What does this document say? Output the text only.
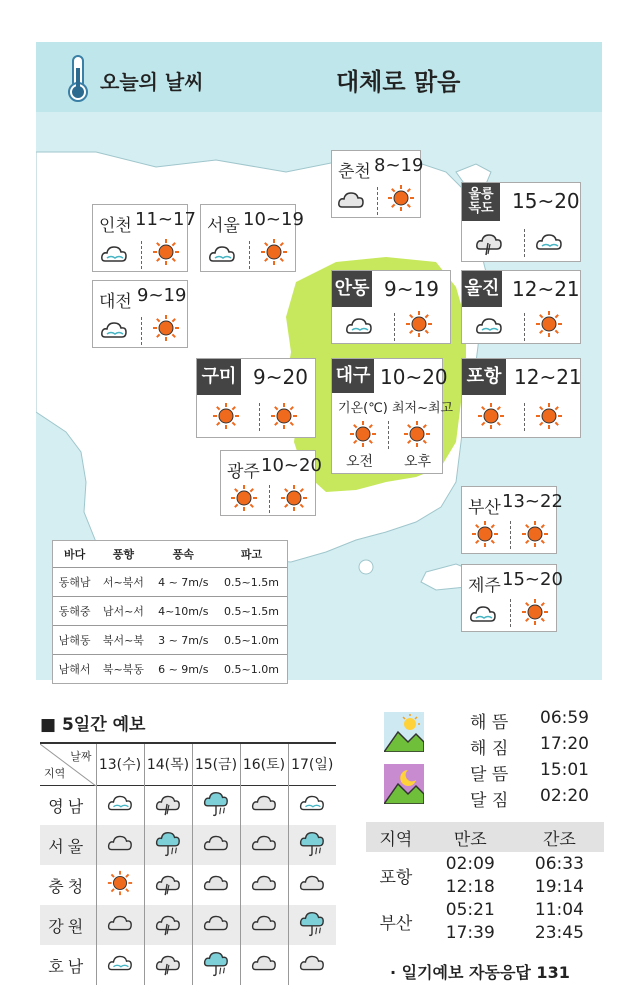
오늘의 날씨	대체로 맑음
춘천 8~19
인천 11~17 서울 10~19
대전 9~19
울릉
독도 15~20
안동 9~19 울진 12~21
구미 9~20 대구 10~20
기온(℃) 최저~최고
오전 오후
포항 12~21
광주 10~20
부산 13~22
제주 15~20
바다	풍향	풍속	파고
동해남	서~북서	4 ~ 7m/s	0.5~1.5m
동해중	남서~서	4~10m/s	0.5~1.5m
남해동	북서~북	3 ~ 7m/s	0.5~1.0m
남해서	북~북동	6 ~ 9m/s	0.5~1.0m
■ 5일간 예보
날짜
지역	13(수)	14(목)	15(금)	16(토)	17(일)
영남					
서울					
충청					
강원					
호남					
해 뜸 06:59
해 짐 17:20
달 뜸 15:01
달 짐 02:20
지역	만조	간조
포항	02:09	06:33
	12:18	19:14
부산	05:21	11:04
	17:39	23:45
· 일기예보 자동응답 131
